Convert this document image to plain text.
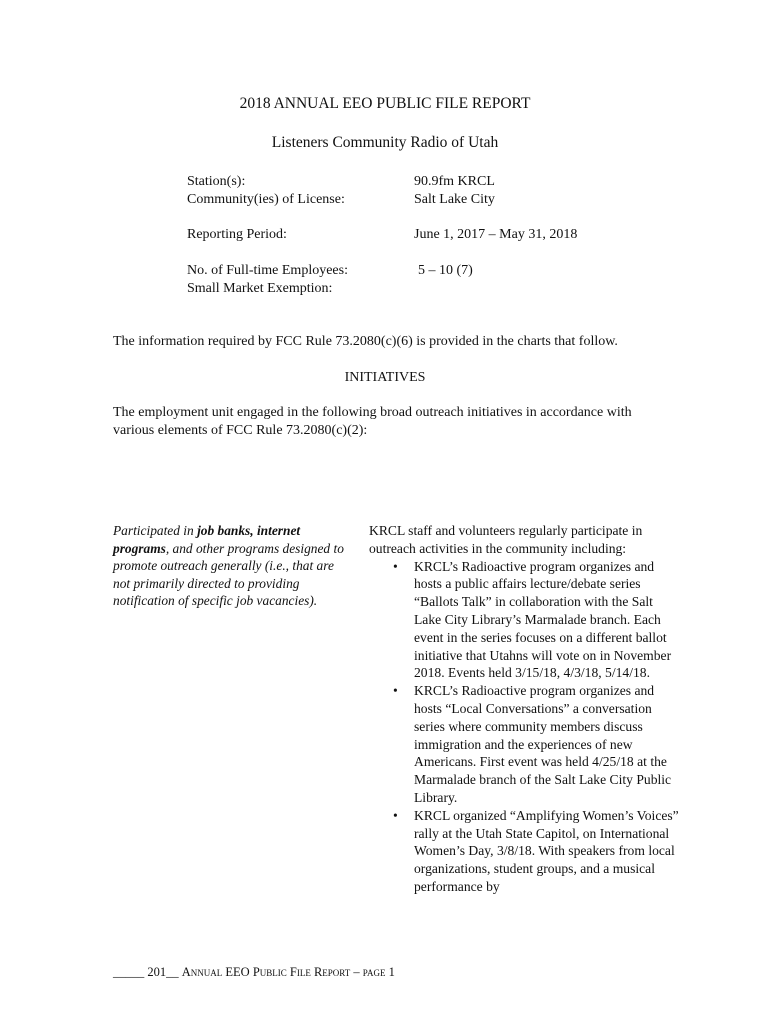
2018 ANNUAL EEO PUBLIC FILE REPORT
Listeners Community Radio of Utah
Station(s):	90.9fm KRCL
Community(ies) of License:	Salt Lake City
Reporting Period:	June 1, 2017 – May 31, 2018
No. of Full-time Employees:	5 – 10 (7)
Small Market Exemption:
The information required by FCC Rule 73.2080(c)(6) is provided in the charts that follow.
INITIATIVES
The employment unit engaged in the following broad outreach initiatives in accordance with various elements of FCC Rule 73.2080(c)(2):
Participated in job banks, internet programs, and other programs designed to promote outreach generally (i.e., that are not primarily directed to providing notification of specific job vacancies).
KRCL staff and volunteers regularly participate in outreach activities in the community including:
• KRCL’s Radioactive program organizes and hosts a public affairs lecture/debate series “Ballots Talk” in collaboration with the Salt Lake City Library’s Marmalade branch. Each event in the series focuses on a different ballot initiative that Utahns will vote on in November 2018. Events held 3/15/18, 4/3/18, 5/14/18.
• KRCL’s Radioactive program organizes and hosts “Local Conversations” a conversation series where community members discuss immigration and the experiences of new Americans. First event was held 4/25/18 at the Marmalade branch of the Salt Lake City Public Library.
• KRCL organized “Amplifying Women’s Voices” rally at the Utah State Capitol, on International Women’s Day, 3/8/18. With speakers from local organizations, student groups, and a musical performance by
_____ 201__ Annual EEO Public File Report – page 1
